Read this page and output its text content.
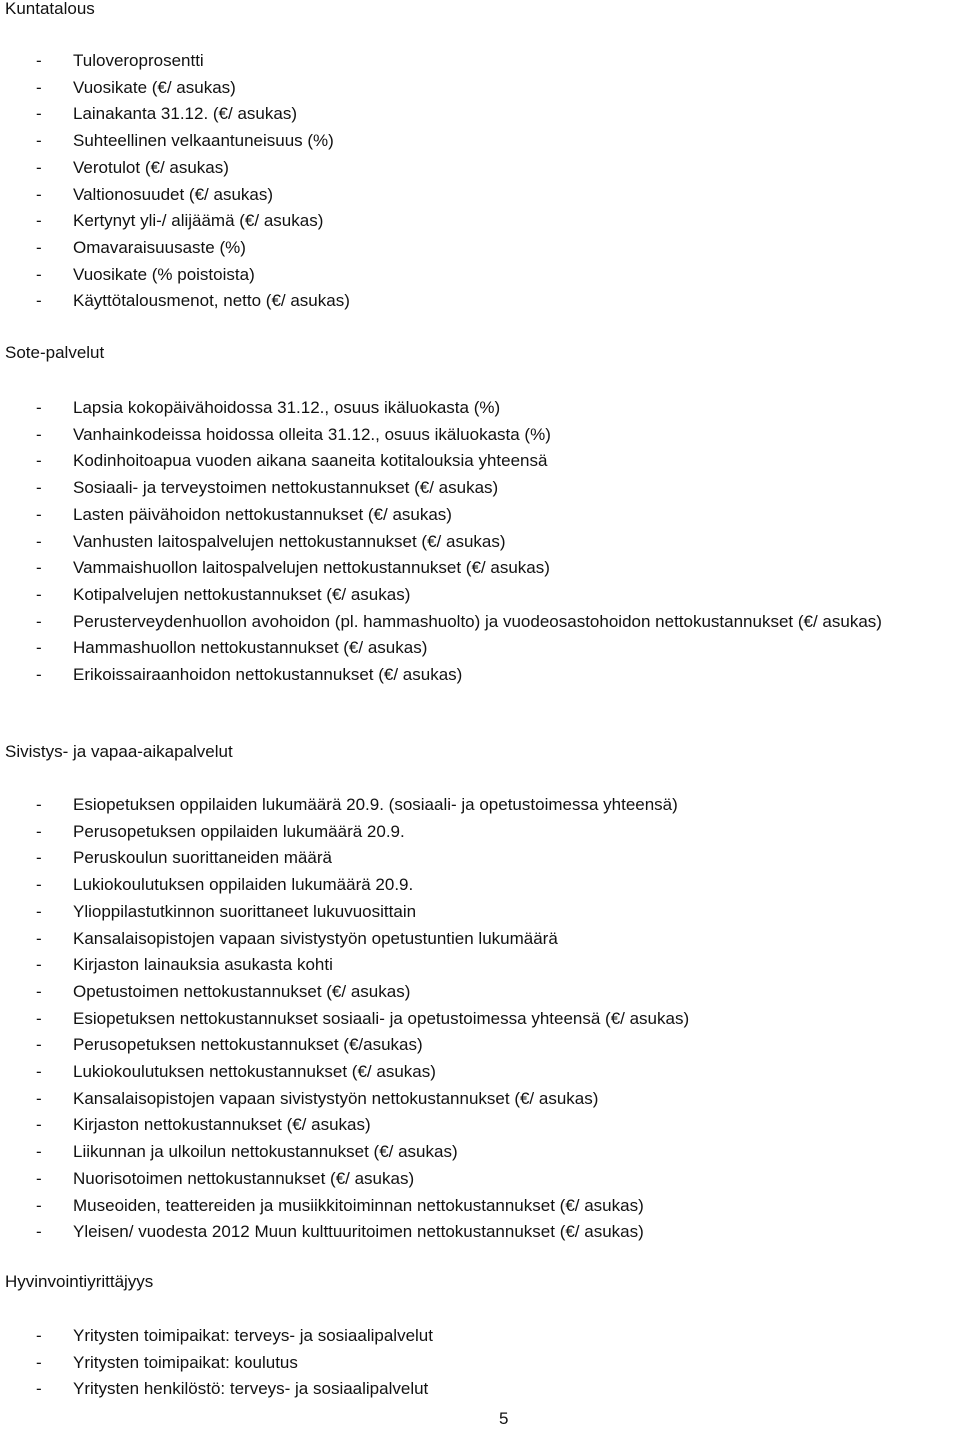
Kuntatalous
- Tuloveroprosentti
- Vuosikate (€/ asukas)
- Lainakanta 31.12. (€/ asukas)
- Suhteellinen velkaantuneisuus (%)
- Verotulot (€/ asukas)
- Valtionosuudet (€/ asukas)
- Kertynyt yli-/ alijäämä (€/ asukas)
- Omavaraisuusaste (%)
- Vuosikate (% poistoista)
- Käyttötalousmenot, netto (€/ asukas)
Sote-palvelut
- Lapsia kokopäivähoidossa 31.12., osuus ikäluokasta (%)
- Vanhainkodeissa hoidossa olleita 31.12., osuus ikäluokasta (%)
- Kodinhoitoapua vuoden aikana saaneita kotitalouksia yhteensä
- Sosiaali- ja terveystoimen nettokustannukset (€/ asukas)
- Lasten päivähoidon nettokustannukset (€/ asukas)
- Vanhusten laitospalvelujen nettokustannukset (€/ asukas)
- Vammaishuollon laitospalvelujen nettokustannukset (€/ asukas)
- Kotipalvelujen nettokustannukset (€/ asukas)
- Perusterveydenhuollon avohoidon (pl. hammashuolto) ja vuodeosastohoidon nettokustannukset (€/ asukas)
- Hammashuollon nettokustannukset (€/ asukas)
- Erikoissairaanhoidon nettokustannukset (€/ asukas)
Sivistys- ja vapaa-aikapalvelut
- Esiopetuksen oppilaiden lukumäärä 20.9. (sosiaali- ja opetustoimessa yhteensä)
- Perusopetuksen oppilaiden lukumäärä 20.9.
- Peruskoulun suorittaneiden määrä
- Lukiokoulutuksen oppilaiden lukumäärä 20.9.
- Ylioppilastutkinnon suorittaneet lukuvuosittain
- Kansalaisopistojen vapaan sivistystyön opetustuntien lukumäärä
- Kirjaston lainauksia asukasta kohti
- Opetustoimen nettokustannukset (€/ asukas)
- Esiopetuksen nettokustannukset sosiaali- ja opetustoimessa yhteensä (€/ asukas)
- Perusopetuksen nettokustannukset (€/asukas)
- Lukiokoulutuksen nettokustannukset (€/ asukas)
- Kansalaisopistojen vapaan sivistystyön nettokustannukset (€/ asukas)
- Kirjaston nettokustannukset (€/ asukas)
- Liikunnan ja ulkoilun nettokustannukset (€/ asukas)
- Nuorisotoimen nettokustannukset (€/ asukas)
- Museoiden, teattereiden ja musiikkitoiminnan nettokustannukset (€/ asukas)
- Yleisen/ vuodesta 2012 Muun kulttuuritoimen nettokustannukset (€/ asukas)
Hyvinvointiyrittäjyys
- Yritysten toimipaikat: terveys- ja sosiaalipalvelut
- Yritysten toimipaikat: koulutus
- Yritysten henkilöstö: terveys- ja sosiaalipalvelut
5
